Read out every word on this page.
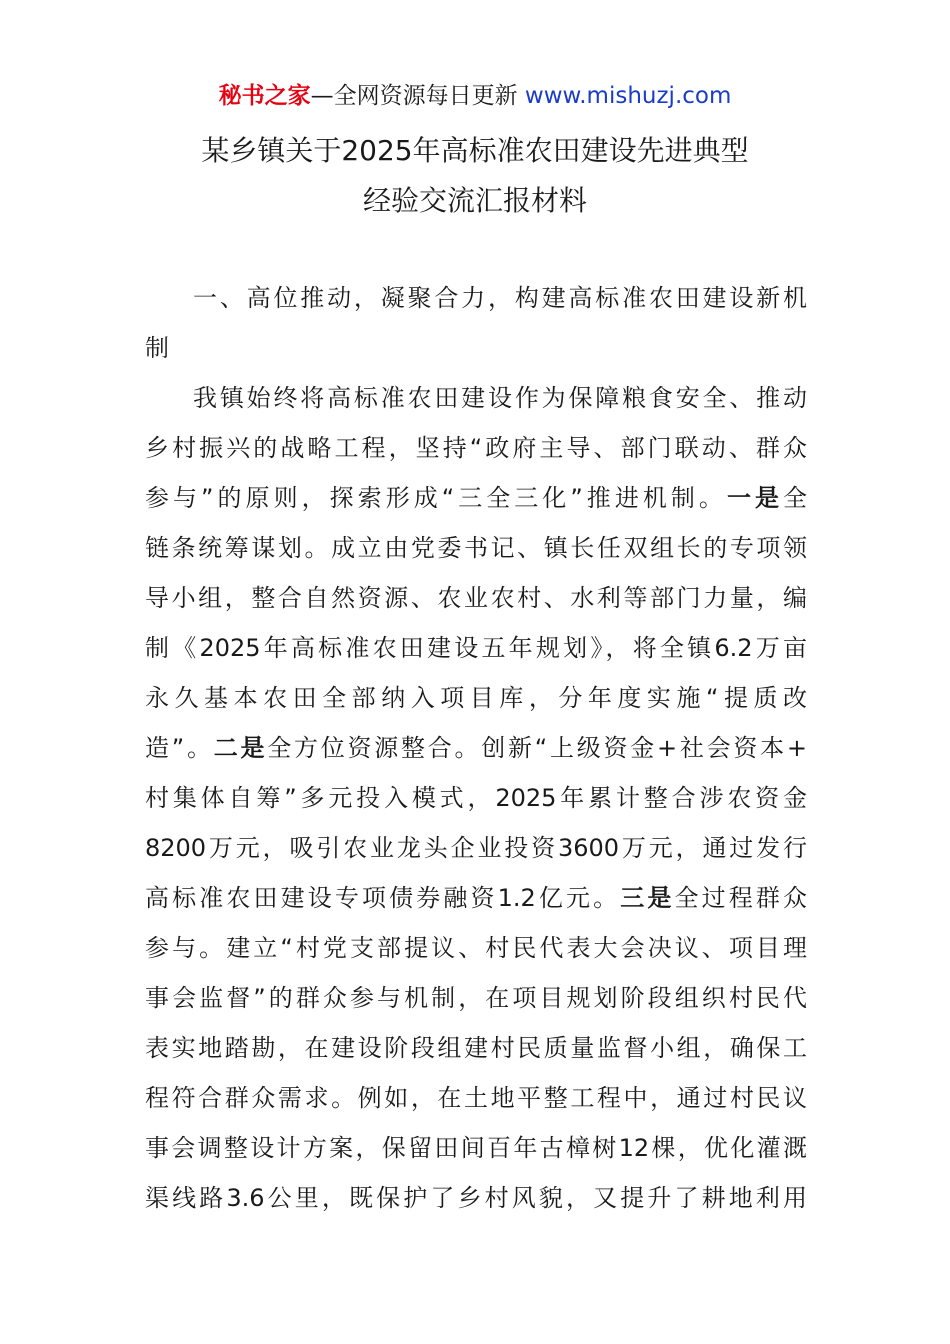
秘书之家—全网资源每日更新 www.mishuzj.com
某乡镇关于2025年高标准农田建设先进典型
经验交流汇报材料
一、高位推动，凝聚合力，构建高标准农田建设新机
制
我镇始终将高标准农田建设作为保障粮食安全、推动
乡村振兴的战略工程，坚持“政府主导、部门联动、群众
参与”的原则，探索形成“三全三化”推进机制。一是全
链条统筹谋划。成立由党委书记、镇长任双组长的专项领
导小组，整合自然资源、农业农村、水利等部门力量，编
制《2025年高标准农田建设五年规划》，将全镇6.2万亩
永久基本农田全部纳入项目库，分年度实施“提质改
造”。二是全方位资源整合。创新“上级资金+社会资本+
村集体自筹”多元投入模式，2025年累计整合涉农资金
8200万元，吸引农业龙头企业投资3600万元，通过发行
高标准农田建设专项债券融资1.2亿元。三是全过程群众
参与。建立“村党支部提议、村民代表大会决议、项目理
事会监督”的群众参与机制，在项目规划阶段组织村民代
表实地踏勘，在建设阶段组建村民质量监督小组，确保工
程符合群众需求。例如，在土地平整工程中，通过村民议
事会调整设计方案，保留田间百年古樟树12棵，优化灌溉
渠线路3.6公里，既保护了乡村风貌，又提升了耕地利用
